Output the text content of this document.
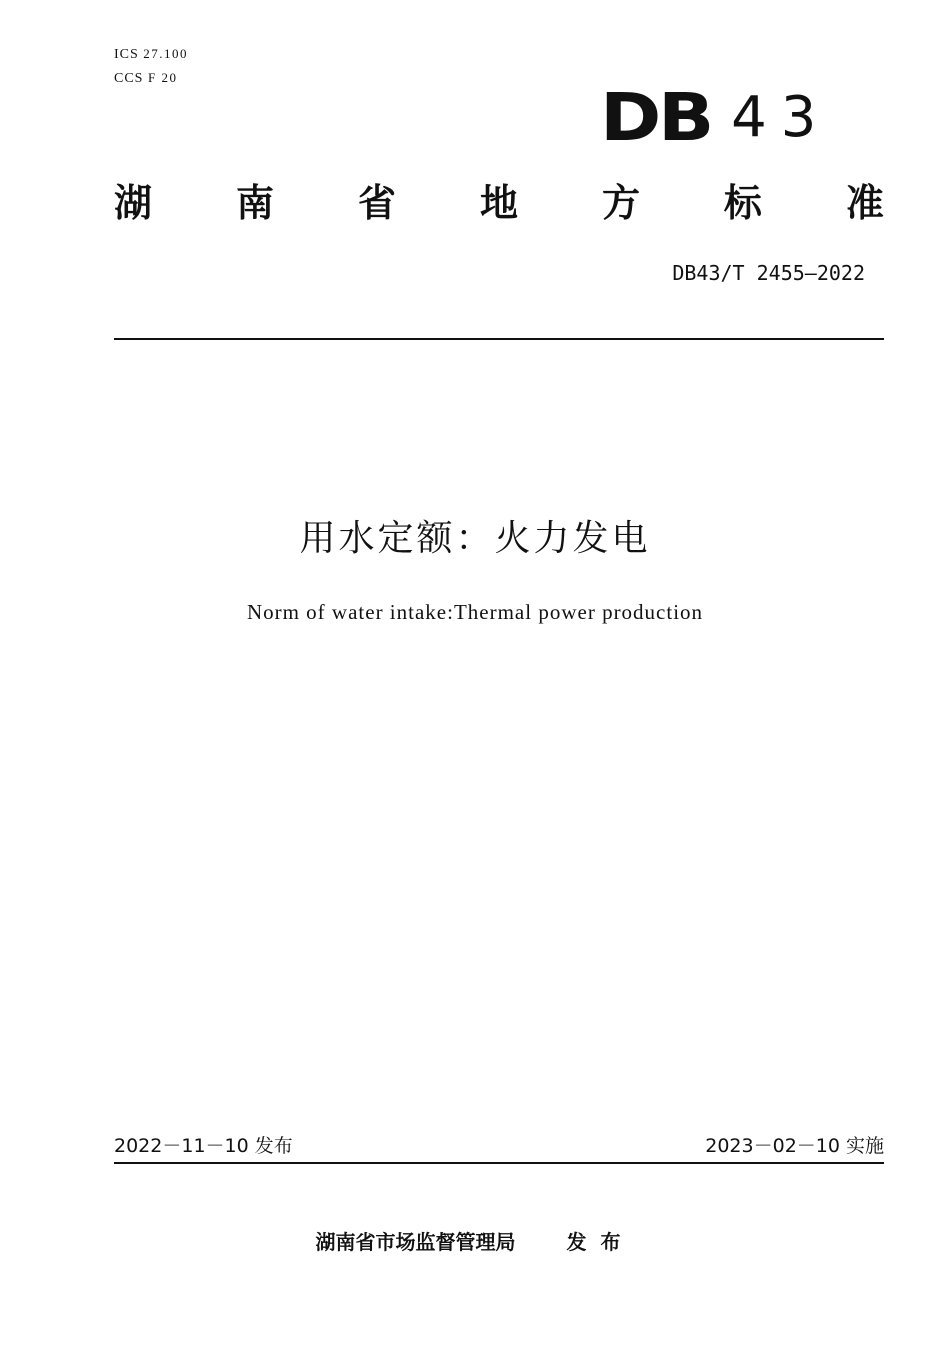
ICS 27.100
CCS F 20
DB 43
湖 南 省 地 方 标 准
DB43/T 2455—2022
用水定额：火力发电
Norm of water intake:Thermal power production
2022－11－10 发布	2023－02－10 实施
湖南省市场监督管理局	发布
